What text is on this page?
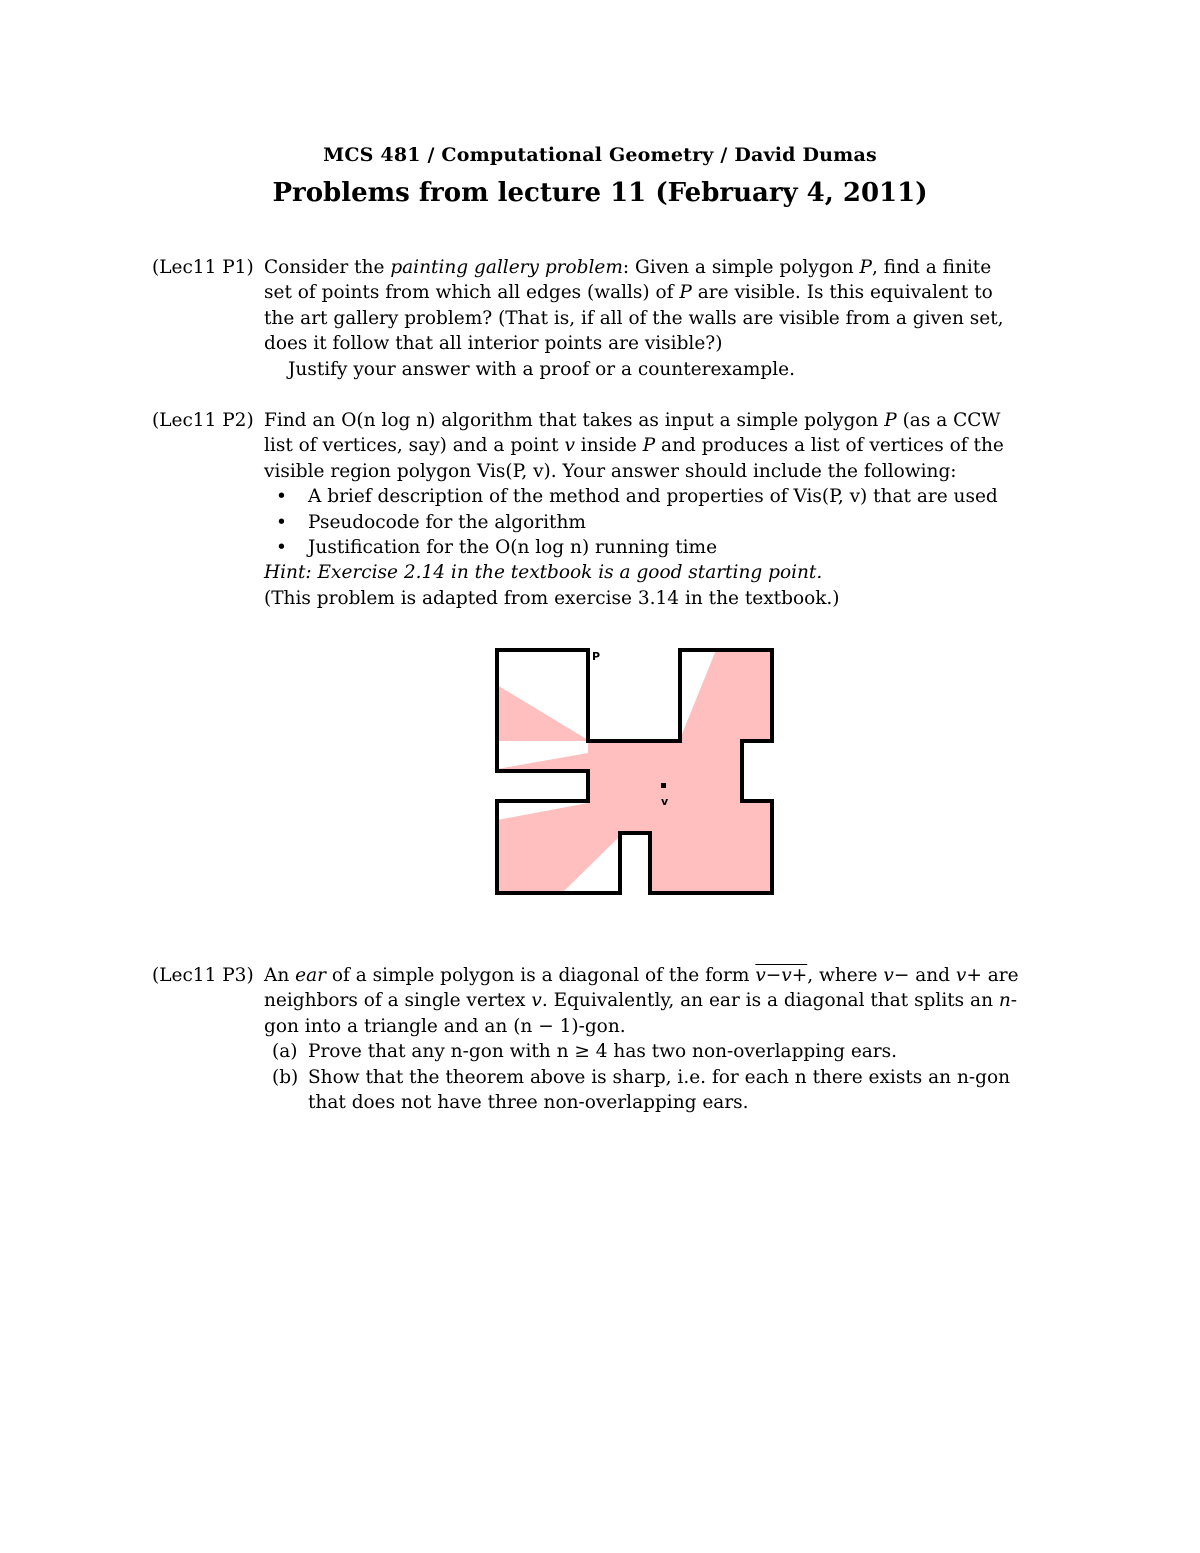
MCS 481 / Computational Geometry / David Dumas
Problems from lecture 11 (February 4, 2011)
(Lec11 P1) Consider the painting gallery problem: Given a simple polygon P, find a finite set of points from which all edges (walls) of P are visible. Is this equivalent to the art gallery problem? (That is, if all of the walls are visible from a given set, does it follow that all interior points are visible?)
Justify your answer with a proof or a counterexample.
(Lec11 P2) Find an O(n log n) algorithm that takes as input a simple polygon P (as a CCW list of vertices, say) and a point v inside P and produces a list of vertices of the visible region polygon Vis(P, v). Your answer should include the following:
• A brief description of the method and properties of Vis(P, v) that are used
• Pseudocode for the algorithm
• Justification for the O(n log n) running time
Hint: Exercise 2.14 in the textbook is a good starting point.
(This problem is adapted from exercise 3.14 in the textbook.)
P
v
(Lec11 P3) An ear of a simple polygon is a diagonal of the form v−v+, where v− and v+ are neighbors of a single vertex v. Equivalently, an ear is a diagonal that splits an n-gon into a triangle and an (n − 1)-gon.
(a) Prove that any n-gon with n ≥ 4 has two non-overlapping ears.
(b) Show that the theorem above is sharp, i.e. for each n there exists an n-gon that does not have three non-overlapping ears.
